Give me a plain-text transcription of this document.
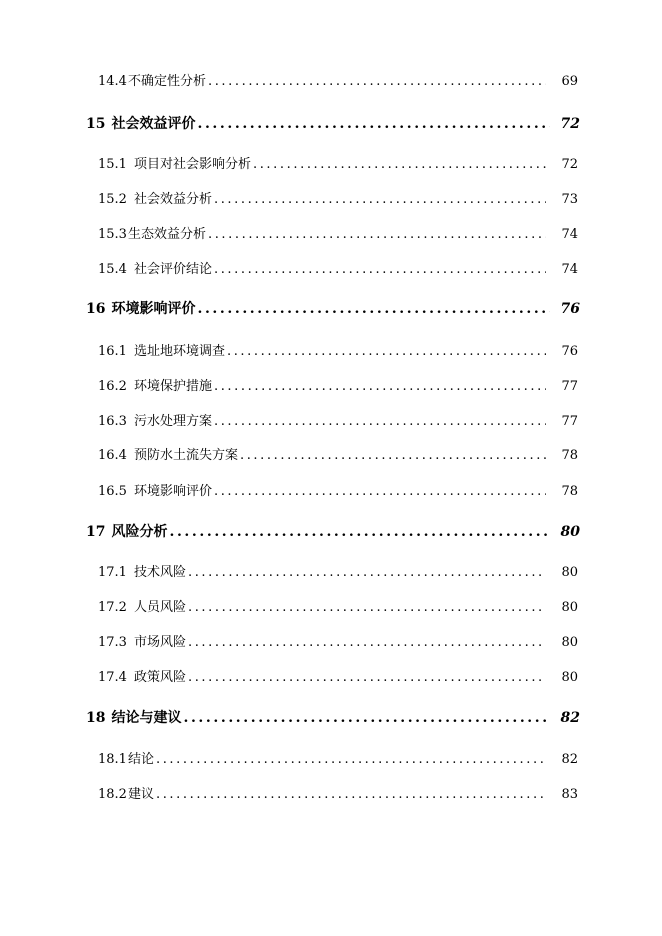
14.4 不确定性分析 .....	69
15 社会效益评价 .....	72
15.1 项目对社会影响分析 .....	72
15.2 社会效益分析 .....	73
15.3 生态效益分析 .....	74
15.4 社会评价结论 .....	74
16 环境影响评价 .....	76
16.1 选址地环境调查 .....	76
16.2 环境保护措施 .....	77
16.3 污水处理方案 .....	77
16.4 预防水土流失方案 .....	78
16.5 环境影响评价 .....	78
17 风险分析 .....	80
17.1 技术风险 .....	80
17.2 人员风险 .....	80
17.3 市场风险 .....	80
17.4 政策风险 .....	80
18 结论与建议 .....	82
18.1 结论 .....	82
18.2 建议 .....	83
